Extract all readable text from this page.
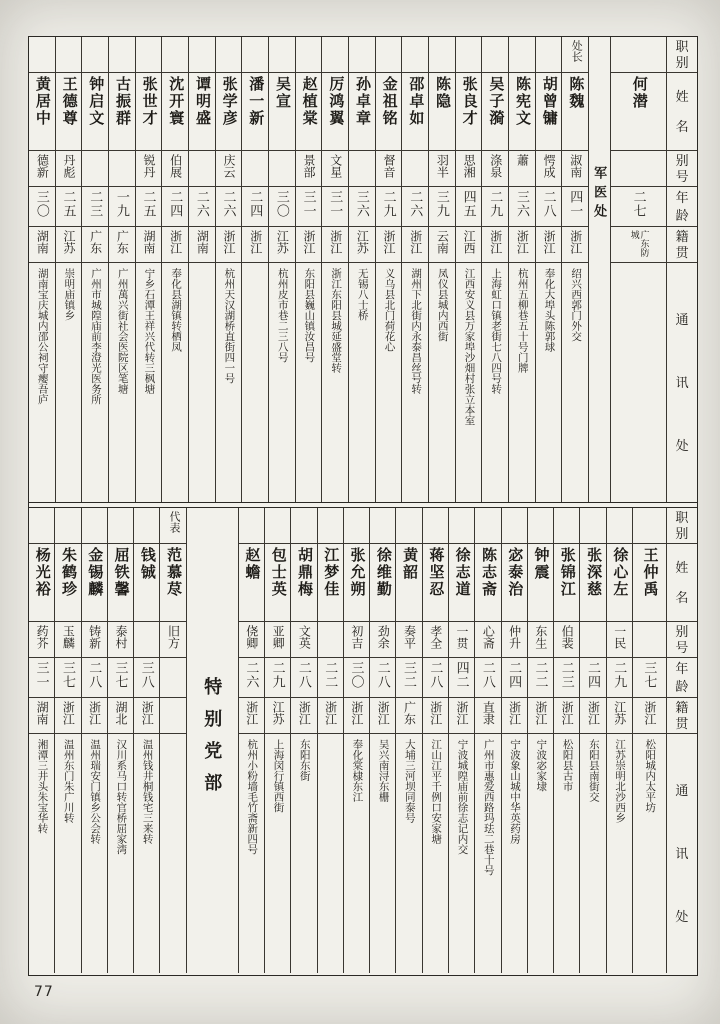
黄居中
德新
三〇
湖南
湖南宝庆城内邵公祠守瘿吾庐
王德尊
丹彪
二五
江苏
崇明庙镇乡
钟启文
二三
广东
广州市城隍庙前李澄光医务所
古振群
一九
广东
广州萬兴街社会医院区笔塘
张世才
锐丹
二五
湖南
宁乡石潭王祥兴代转三枫塘
沈开寰
伯展
二四
浙江
奉化县湖镇转栖凤
谭明盛
二六
湖南
张学彦
庆云
二六
浙江
杭州天汉湖桥直街四一号
潘一新
二四
浙江
吴宣
三〇
江苏
杭州皮市巷二三八号
赵植棠
景部
三一
浙江
东阳县巍山镇汝昌号
厉鸿翼
文星
三一
浙江
浙江东阳县城延盛堂转
孙卓章
三六
江苏
无锡八士桥
金祖铭
督音
二九
浙江
义乌县北门荷花心
邵卓如
二六
浙江
湖州下北街内永泰昌丝号转
陈隐
羽半
三九
云南
凤仪县城内西街
张良才
思湘
四五
江西
江西安义县万家埠沙畑村张立本室
吴子漪
涤泉
二九
浙江
上海虹口镇老街七八四号转
陈宪文
蕭
三六
浙江
杭州五柳巷五十号门牌
胡曾镛
愕成
二八
浙江
奉化大埠头陈郭球
处长
陈魏
淑南
四一
浙江
绍兴西郭门外交
军医处
何潜
二七
广东防城
职
别
姓
名
别
号
年
龄
籍
贯
通
讯
处
杨光裕
药芥
三一
湖南
湘潭三井头朱宝华转
朱鹤珍
玉麟
三七
浙江
温州东门朱广川转
金锡麟
铸新
二八
浙江
温州瑞安门镇乡公会转
屈铁馨
泰村
三七
湖北
汉川系马口转官桥屈家湾
钱铖
三八
浙江
温州钱井桐钱宅三来转
代表
范慕荩
旧方
特别党部
赵蟾
侥卿
二六
浙江
杭州小粉墙毛竹斋新四号
包士英
亚卿
二九
江苏
上海闵行镇西街
胡鼎梅
文英
二八
浙江
东阳东街
江梦佳
二二
浙江
张允朔
初吉
三〇
浙江
奉化棠棣东江
徐维勤
劲余
二八
浙江
吴兴南浔东栅
黄韶
奏平
三二
广东
大埔三河坝同泰号
蒋坚忍
孝全
二八
浙江
江山江平千例口安家塘
徐志道
一贯
四二
浙江
宁波城隍庙前徐志记内交
陈志斋
心斋
二八
直隶
广州市惠爱西路玛珐二巷十号
宓泰治
仲升
二四
浙江
宁波象山城中华英药房
钟震
东生
二二
浙江
宁波宓家埭
张锦江
伯裴
二三
浙江
松阳县古市
张深慈
二四
浙江
东阳县南街交
徐心左
一民
二九
江苏
江苏崇明北沙西乡
王仲禹
三七
浙江
松阳城内太平坊
职
别
姓
名
别
号
年
龄
籍
贯
通
讯
处
77
